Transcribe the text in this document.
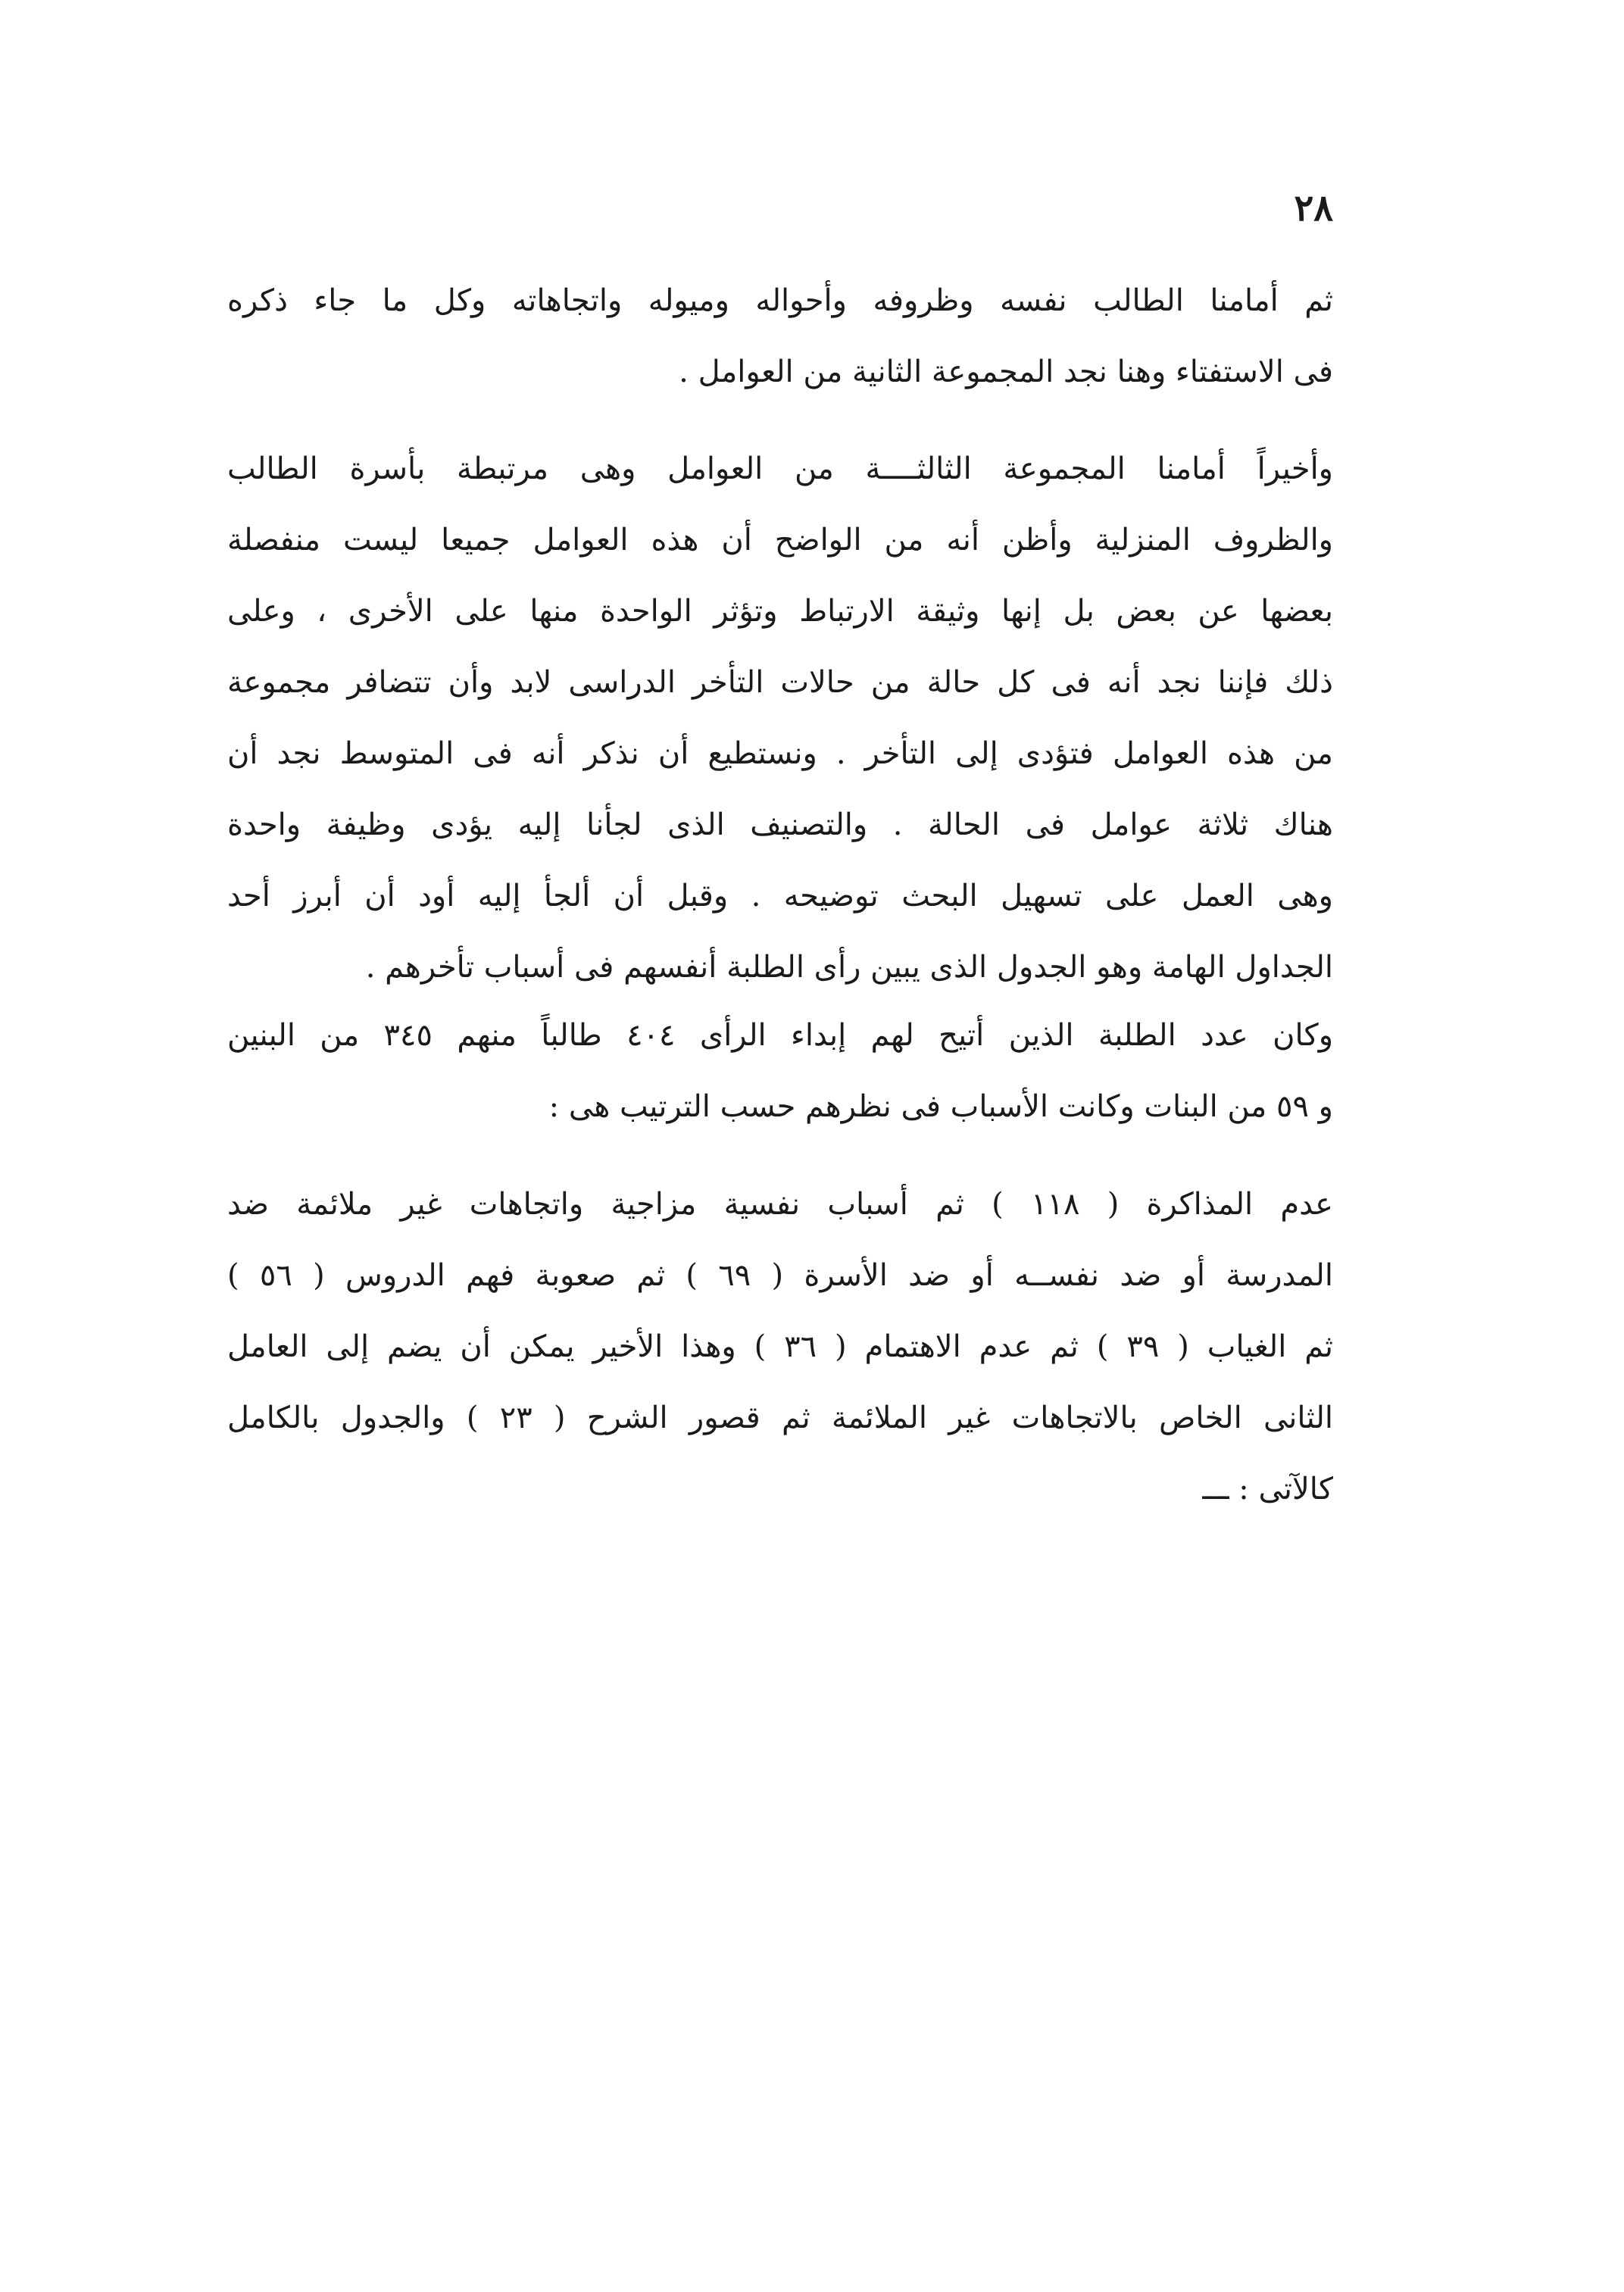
٢٨
ثم أمامنا الطالب نفسه وظروفه وأحواله وميوله واتجاهاته وكل ما جاء ذكره
فى الاستفتاء وهنا نجد المجموعة الثانية من العوامل .
وأخيراً أمامنا المجموعة الثالثــــة من العوامل وهى مرتبطة بأسرة الطالب
والظروف المنزلية وأظن أنه من الواضح أن هذه العوامل جميعا ليست منفصلة
بعضها عن بعض بل إنها وثيقة الارتباط وتؤثر الواحدة منها على الأخرى ، وعلى
ذلك فإننا نجد أنه فى كل حالة من حالات التأخر الدراسى لابد وأن تتضافر مجموعة
من هذه العوامل فتؤدى إلى التأخر . ونستطيع أن نذكر أنه فى المتوسط نجد أن
هناك ثلاثة عوامل فى الحالة . والتصنيف الذى لجأنا إليه يؤدى وظيفة واحدة
وهى العمل على تسهيل البحث توضيحه . وقبل أن ألجأ إليه أود أن أبرز أحد
الجداول الهامة وهو الجدول الذى يبين رأى الطلبة أنفسهم فى أسباب تأخرهم .
وكان عدد الطلبة الذين أتيح لهم إبداء الرأى ٤٠٤ طالباً منهم ٣٤٥ من البنين
و ٥٩ من البنات وكانت الأسباب فى نظرهم حسب الترتيب هى :
عدم المذاكرة ( ١١٨ ) ثم أسباب نفسية مزاجية واتجاهات غير ملائمة ضد
المدرسة أو ضد نفســه أو ضد الأسرة ( ٦٩ ) ثم صعوبة فهم الدروس ( ٥٦ )
ثم الغياب ( ٣٩ ) ثم عدم الاهتمام ( ٣٦ ) وهذا الأخير يمكن أن يضم إلى العامل
الثانى الخاص بالاتجاهات غير الملائمة ثم قصور الشرح ( ٢٣ ) والجدول بالكامل
كالآتى : ـــ
